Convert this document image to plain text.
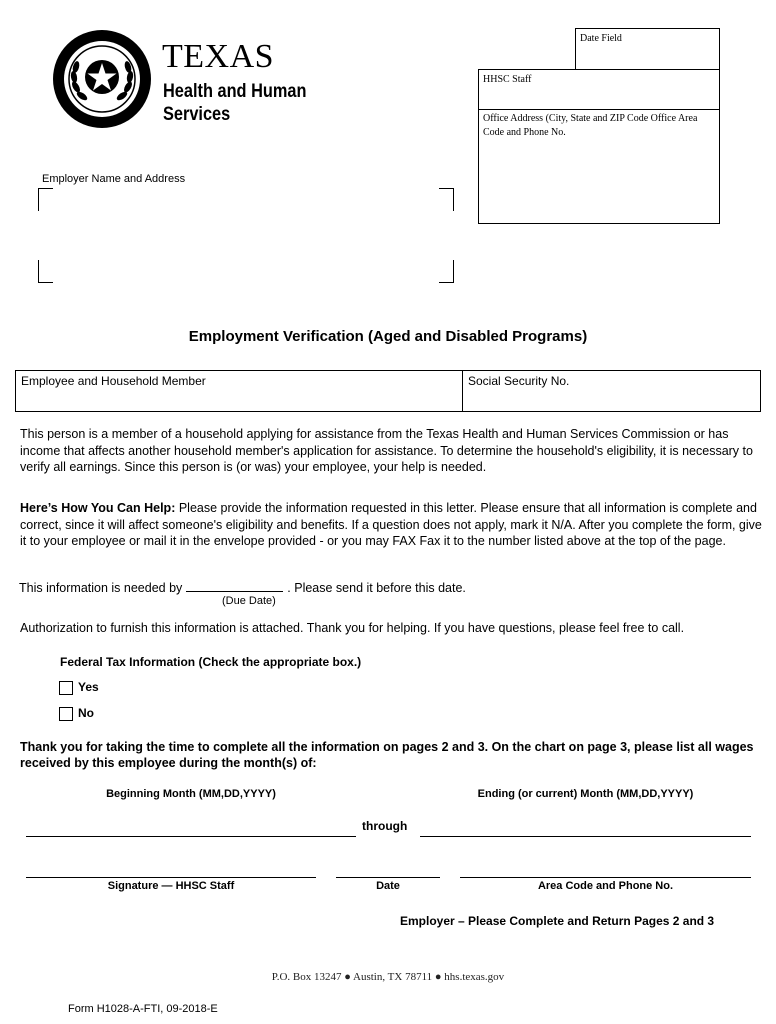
TEXAS
Health and Human
Services
Date Field
HHSC Staff
Office Address (City, State and ZIP Code Office Area Code and Phone No.
Employer Name and Address
Employment Verification (Aged and Disabled Programs)
Employee and Household Member	Social Security No.
This person is a member of a household applying for assistance from the Texas Health and Human Services Commission or has income that affects another household member's application for assistance. To determine the household's eligibility, it is necessary to verify all earnings. Since this person is (or was) your employee, your help is needed.
Here’s How You Can Help: Please provide the information requested in this letter. Please ensure that all information is complete and correct, since it will affect someone's eligibility and benefits. If a question does not apply, mark it N/A. After you complete the form, give it to your employee or mail it in the envelope provided - or you may FAX Fax it to the number listed above at the top of the page.
This information is needed by	. Please send it before this date.
(Due Date)
Authorization to furnish this information is attached. Thank you for helping. If you have questions, please feel free to call.
Federal Tax Information (Check the appropriate box.)
Yes
No
Thank you for taking the time to complete all the information on pages 2 and 3. On the chart on page 3, please list all wages received by this employee during the month(s) of:
Beginning Month (MM,DD,YYYY)	Ending (or current) Month (MM,DD,YYYY)
through
Signature — HHSC Staff	Date	Area Code and Phone No.
Employer – Please Complete and Return Pages 2 and 3
P.O. Box 13247 ● Austin, TX 78711 ● hhs.texas.gov
Form H1028-A-FTI, 09-2018-E
